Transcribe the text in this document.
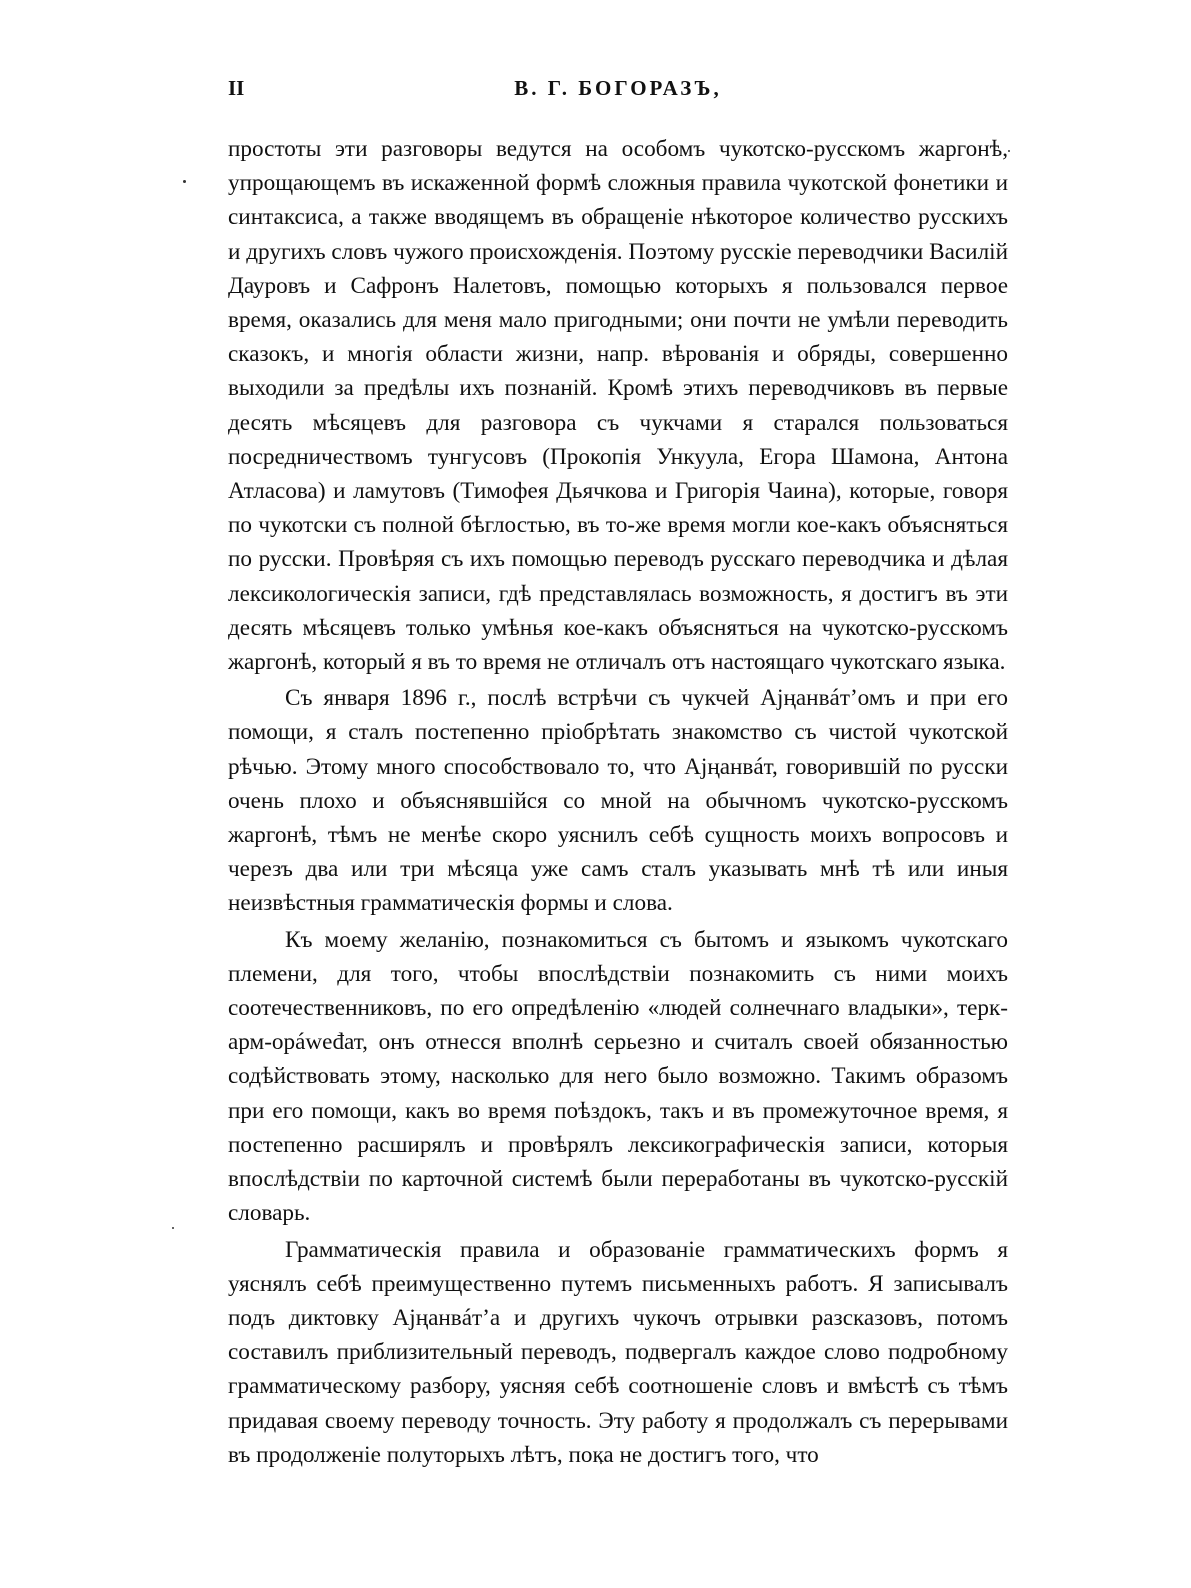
II	В. Г. БОГОРАЗЪ,

простоты эти разговоры ведутся на особомъ чукотско-русскомъ жаргонѣ, упрощающемъ въ искаженной формѣ сложныя правила чукотской фонетики и синтаксиса, а также вводящемъ въ обращеніе нѣкоторое количество русскихъ и другихъ словъ чужого происхожденія. Поэтому русскіе переводчики Василій Дауровъ и Сафронъ Налетовъ, помощью которыхъ я пользовался первое время, оказались для меня мало пригодными; они почти не умѣли переводить сказокъ, и многія области жизни, напр. вѣрованія и обряды, совершенно выходили за предѣлы ихъ познаній. Кромѣ этихъ переводчиковъ въ первые десять мѣсяцевъ для разговора съ чукчами я старался пользоваться посредничествомъ тунгусовъ (Прокопія Ункуула, Егора Шамона, Антона Атласова) и ламутовъ (Тимофея Дьячкова и Григорія Чаина), которые, говоря по чукотски съ полной бѣглостью, въ то-же время могли кое-какъ объясняться по русски. Провѣряя съ ихъ помощью переводъ русскаго переводчика и дѣлая лексикологическія записи, гдѣ представлялась возможность, я достигъ въ эти десять мѣсяцевъ только умѣнья кое-какъ объясняться на чукотско-русскомъ жаргонѣ, который я въ то время не отличалъ отъ настоящаго чукотскаго языка.

Съ января 1896 г., послѣ встрѣчи съ чукчей Аjңанвáт’омъ и при его помощи, я сталъ постепенно пріобрѣтать знакомство съ чистой чукотской рѣчью. Этому много способствовало то, что Аjңанвáт, говорившій по русски очень плохо и объяснявшійся со мной на обычномъ чукотско-русскомъ жаргонѣ, тѣмъ не менѣе скоро уяснилъ себѣ сущность моихъ вопросовъ и черезъ два или три мѣсяца уже самъ сталъ указывать мнѣ тѣ или иныя неизвѣстныя грамматическія формы и слова.

Къ моему желанію, познакомиться съ бытомъ и языкомъ чукотскаго племени, для того, чтобы впослѣдствіи познакомить съ ними моихъ соотечественниковъ, по его опредѣленію «людей солнечнаго владыки», терк-арм-орáwеđат, онъ отнесся вполнѣ серьезно и считалъ своей обязанностью содѣйствовать этому, насколько для него было возможно. Такимъ образомъ при его помощи, какъ во время поѣздокъ, такъ и въ промежуточное время, я постепенно расширялъ и провѣрялъ лексикографическія записи, которыя впослѣдствіи по карточной системѣ были переработаны въ чукотско-русскій словарь.

Грамматическія правила и образованіе грамматическихъ формъ я уяснялъ себѣ преимущественно путемъ письменныхъ работъ. Я записывалъ подъ диктовку Аjңанвáт’а и другихъ чукочъ отрывки разсказовъ, потомъ составилъ приблизительный переводъ, подвергалъ каждое слово подробному грамматическому разбору, уясняя себѣ соотношеніе словъ и вмѣстѣ съ тѣмъ придавая своему переводу точность. Эту работу я продолжалъ съ перерывами въ продолженіе полуторыхъ лѣтъ, пока не достигъ того, что
